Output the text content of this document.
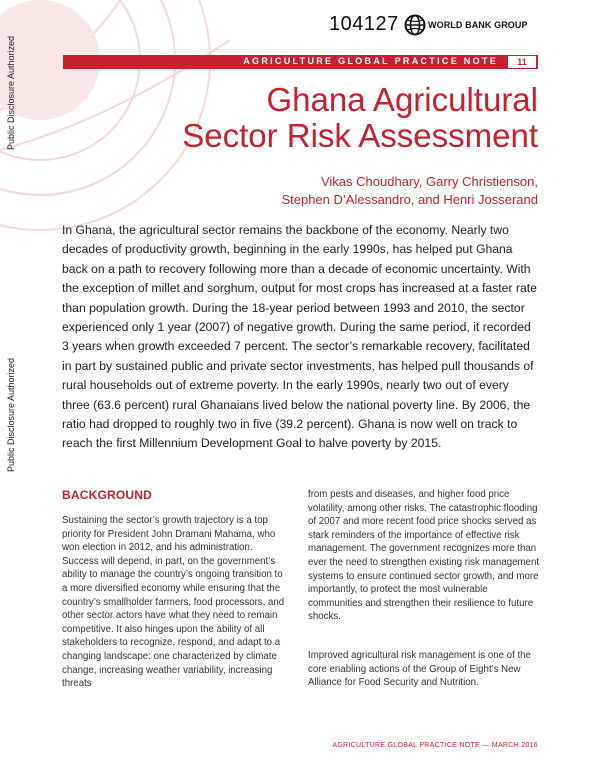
Public Disclosure Authorized
Public Disclosure Authorized
104127	WORLD BANK GROUP
AGRICULTURE GLOBAL PRACTICE NOTE	11
Ghana Agricultural
Sector Risk Assessment
Vikas Choudhary, Garry Christienson,
Stephen D’Alessandro, and Henri Josserand

In Ghana, the agricultural sector remains the backbone of the economy. Nearly two decades of productivity growth, beginning in the early 1990s, has helped put Ghana back on a path to recovery following more than a decade of economic uncertainty. With the exception of millet and sorghum, output for most crops has increased at a faster rate than population growth. During the 18-year period between 1993 and 2010, the sector experienced only 1 year (2007) of negative growth. During the same period, it recorded 3 years when growth exceeded 7 percent. The sector’s remarkable recovery, facilitated in part by sustained public and private sector investments, has helped pull thousands of rural households out of extreme poverty. In the early 1990s, nearly two out of every three (63.6 percent) rural Ghanaians lived below the national poverty line. By 2006, the ratio had dropped to roughly two in five (39.2 percent). Ghana is now well on track to reach the first Millennium Development Goal to halve poverty by 2015.

BACKGROUND

Sustaining the sector’s growth trajectory is a top priority for President John Dramani Mahama, who won election in 2012, and his administration. Success will depend, in part, on the government’s ability to manage the country’s ongoing transition to a more diversified economy while ensuring that the country’s smallholder farmers, food processors, and other sector actors have what they need to remain competitive. It also hinges upon the ability of all stakeholders to recognize, respond, and adapt to a changing landscape: one characterized by climate change, increasing weather variability, increasing threats

from pests and diseases, and higher food price volatility, among other risks. The catastrophic flooding of 2007 and more recent food price shocks served as stark reminders of the importance of effective risk management. The government recognizes more than ever the need to strengthen existing risk management systems to ensure continued sector growth, and more importantly, to protect the most vulnerable communities and strengthen their resilience to future shocks.

Improved agricultural risk management is one of the core enabling actions of the Group of Eight’s New Alliance for Food Security and Nutrition.

AGRICULTURE GLOBAL PRACTICE NOTE — MARCH 2016
